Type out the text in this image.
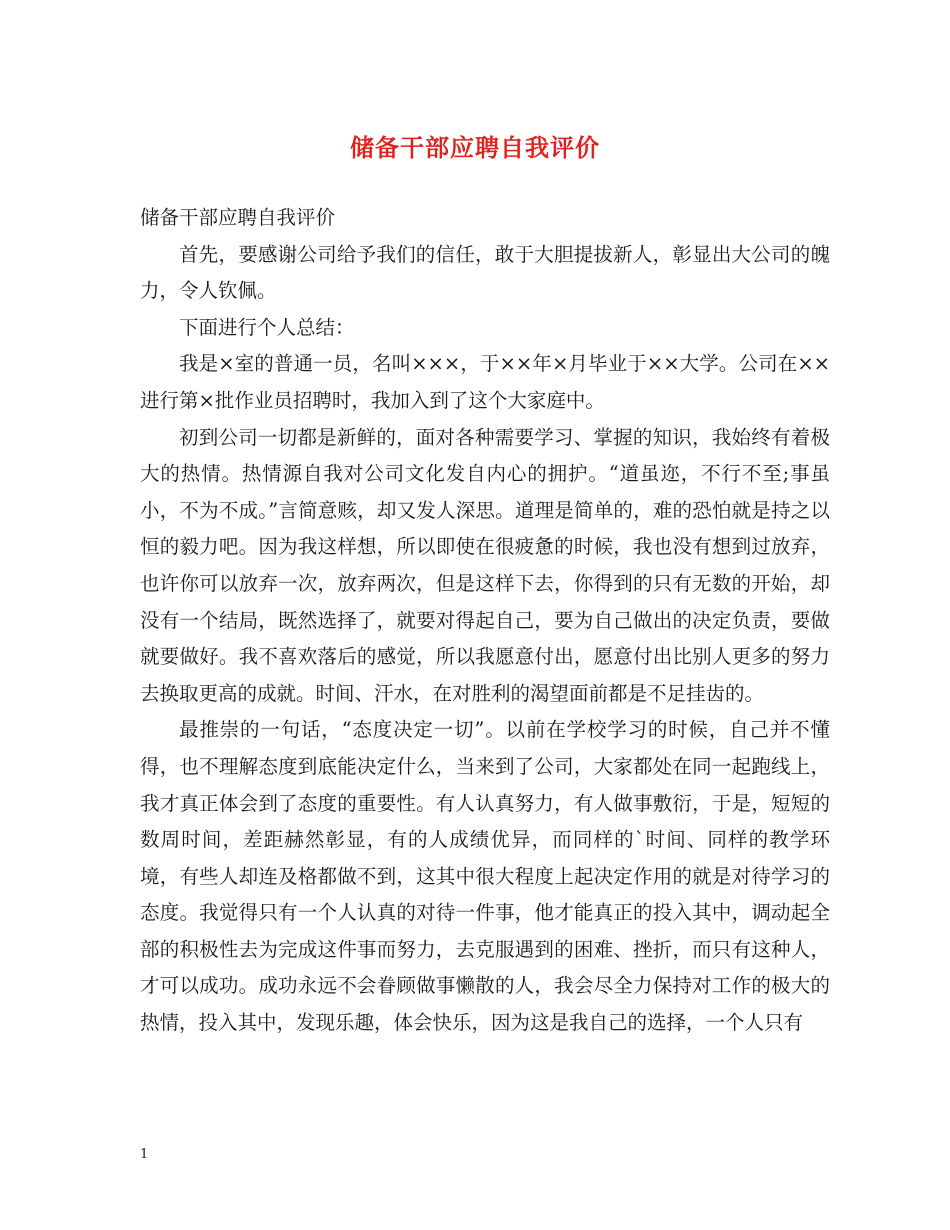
储备干部应聘自我评价

储备干部应聘自我评价

首先，要感谢公司给予我们的信任，敢于大胆提拔新人，彰显出大公司的魄力，令人钦佩。

下面进行个人总结：

我是×室的普通一员，名叫×××，于××年×月毕业于××大学。公司在××进行第×批作业员招聘时，我加入到了这个大家庭中。

初到公司一切都是新鲜的，面对各种需要学习、掌握的知识，我始终有着极大的热情。热情源自我对公司文化发自内心的拥护。“道虽迩，不行不至;事虽小，不为不成。”言简意赅，却又发人深思。道理是简单的，难的恐怕就是持之以恒的毅力吧。因为我这样想，所以即使在很疲惫的时候，我也没有想到过放弃，也许你可以放弃一次，放弃两次，但是这样下去，你得到的只有无数的开始，却没有一个结局，既然选择了，就要对得起自己，要为自己做出的决定负责，要做就要做好。我不喜欢落后的感觉，所以我愿意付出，愿意付出比别人更多的努力去换取更高的成就。时间、汗水，在对胜利的渴望面前都是不足挂齿的。

最推崇的一句话，“态度决定一切”。以前在学校学习的时候，自己并不懂得，也不理解态度到底能决定什么，当来到了公司，大家都处在同一起跑线上，我才真正体会到了态度的重要性。有人认真努力，有人做事敷衍，于是，短短的数周时间，差距赫然彰显，有的人成绩优异，而同样的`时间、同样的教学环境，有些人却连及格都做不到，这其中很大程度上起决定作用的就是对待学习的态度。我觉得只有一个人认真的对待一件事，他才能真正的投入其中，调动起全部的积极性去为完成这件事而努力，去克服遇到的困难、挫折，而只有这种人，才可以成功。成功永远不会眷顾做事懒散的人，我会尽全力保持对工作的极大的热情，投入其中，发现乐趣，体会快乐，因为这是我自己的选择，一个人只有

1
